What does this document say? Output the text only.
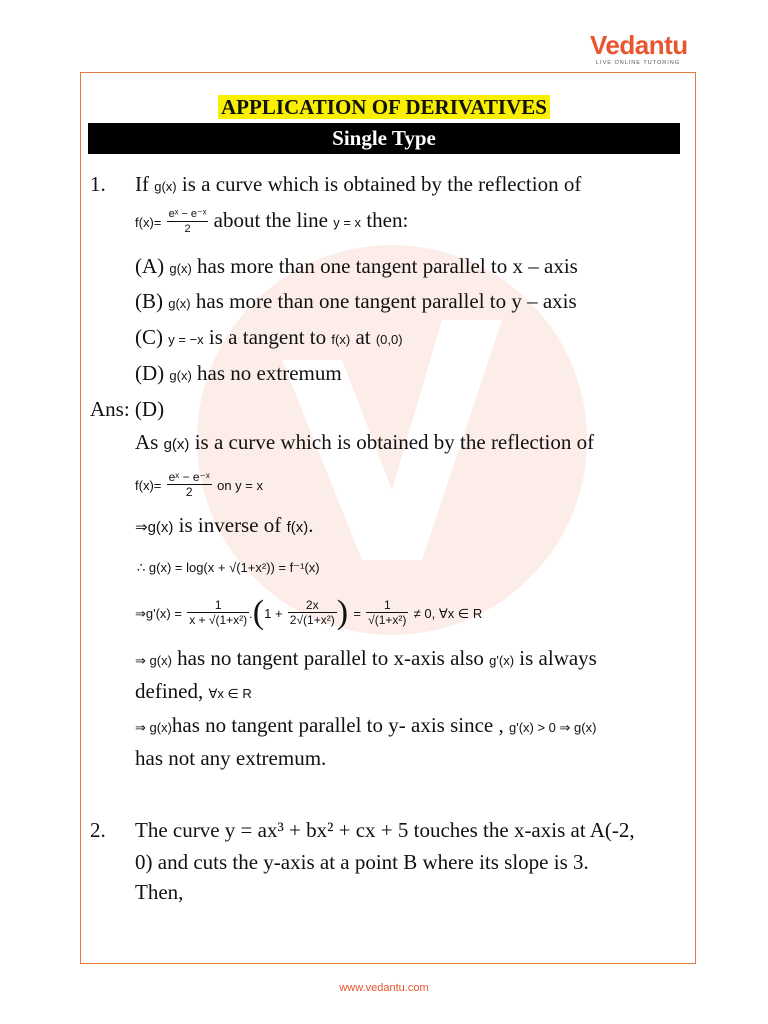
Vedantu
LIVE ONLINE TUTORING
APPLICATION OF DERIVATIVES
Single Type
1. If g(x) is a curve which is obtained by the reflection of
$f(x)= \frac{\text{eˣ − e⁻ˣ}}{2}$ about the line y = x then:
(A) g(x) has more than one tangent parallel to x – axis
(B) g(x) has more than one tangent parallel to y – axis
(C) y = −x is a tangent to f(x) at (0,0)
(D) g(x) has no extremum
Ans: (D)
As g(x) is a curve which is obtained by the reflection of
$f(x)= \frac{\text{eˣ − e⁻ˣ}}{2}$ on y = x
⇒g(x) is inverse of f(x).
∴ g(x) = log(x + √(1+x²)) = f⁻¹(x)
⇒g'(x) = $\frac{1}{\text{x + √(1+x²)}} .(1 + \frac{2x}{\text{2√(1+x²)}}$ ) = $\frac{1}{\text{√(1+x²)}} \ne 0$, ∀x ∈ R
⇒ g(x) has no tangent parallel to x-axis also g'(x) is always
defined, ∀x ∈ R
⇒ g(x)has no tangent parallel to y- axis since , g'(x) > 0 ⇒ g(x)
has not any extremum.
2. The curve y = ax³ + bx² + cx + 5 touches the x-axis at A(-2,
0) and cuts the y-axis at a point B where its slope is 3.
Then,
www.vedantu.com
